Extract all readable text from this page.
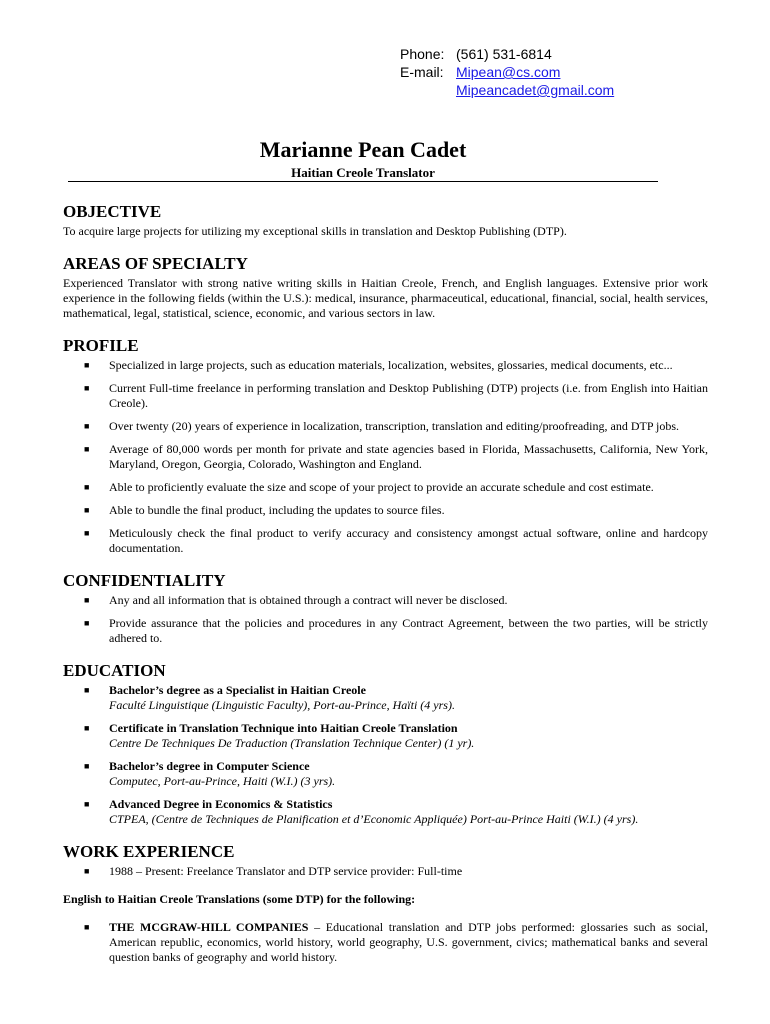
Phone: (561) 531-6814
E-mail: Mipean@cs.com
Mipeancadet@gmail.com
Marianne Pean Cadet
Haitian Creole Translator
OBJECTIVE

To acquire large projects for utilizing my exceptional skills in translation and Desktop Publishing (DTP).

AREAS OF SPECIALTY

Experienced Translator with strong native writing skills in Haitian Creole, French, and English languages. Extensive prior work experience in the following fields (within the U.S.): medical, insurance, pharmaceutical, educational, financial, social, health services, mathematical, legal, statistical, science, economic, and various sectors in law.

PROFILE
■	Specialized in large projects, such as education materials, localization, websites, glossaries, medical documents, etc...
■	Current Full-time freelance in performing translation and Desktop Publishing (DTP) projects (i.e. from English into Haitian Creole).
■	Over twenty (20) years of experience in localization, transcription, translation and editing/proofreading, and DTP jobs.
■	Average of 80,000 words per month for private and state agencies based in Florida, Massachusetts, California, New York, Maryland, Oregon, Georgia, Colorado, Washington and England.
■	Able to proficiently evaluate the size and scope of your project to provide an accurate schedule and cost estimate.
■	Able to bundle the final product, including the updates to source files.
■	Meticulously check the final product to verify accuracy and consistency amongst actual software, online and hardcopy documentation.
CONFIDENTIALITY
■	Any and all information that is obtained through a contract will never be disclosed.
■	Provide assurance that the policies and procedures in any Contract Agreement, between the two parties, will be strictly adhered to.
EDUCATION
■	Bachelor’s degree as a Specialist in Haitian Creole
Faculté Linguistique (Linguistic Faculty), Port-au-Prince, Haïti (4 yrs).
■	Certificate in Translation Technique into Haitian Creole Translation
Centre De Techniques De Traduction (Translation Technique Center) (1 yr).
■	Bachelor’s degree in Computer Science
Computec, Port-au-Prince, Haiti (W.I.) (3 yrs).
■	Advanced Degree in Economics & Statistics
CTPEA, (Centre de Techniques de Planification et d’Economic Appliquée) Port-au-Prince Haiti (W.I.) (4 yrs).
WORK EXPERIENCE
■	1988 – Present: Freelance Translator and DTP service provider: Full-time
English to Haitian Creole Translations (some DTP) for the following:
■	THE MCGRAW-HILL COMPANIES – Educational translation and DTP jobs performed: glossaries such as social, American republic, economics, world history, world geography, U.S. government, civics; mathematical banks and several question banks of geography and world history.
